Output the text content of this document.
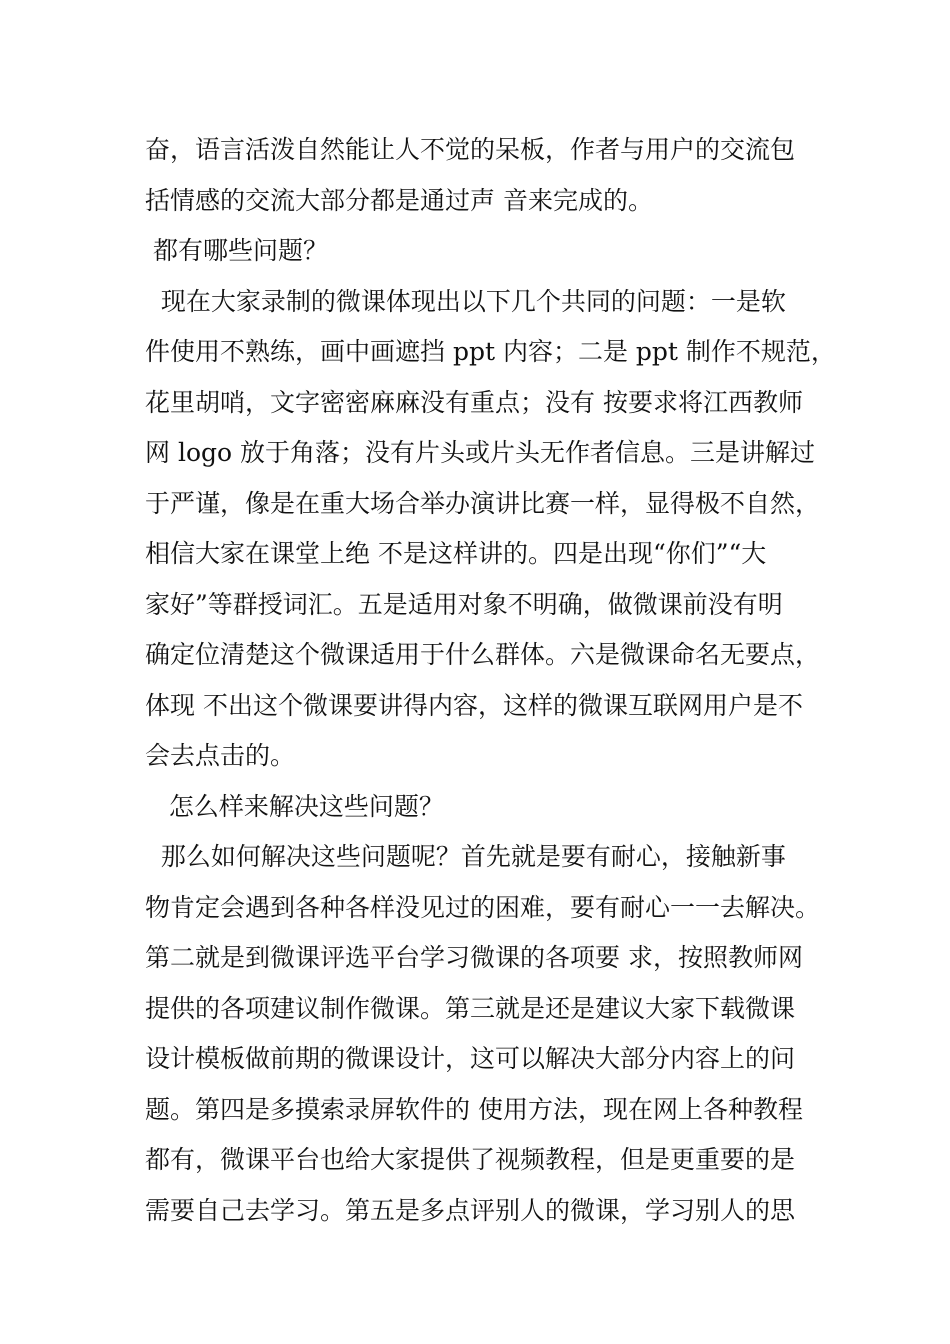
奋，语言活泼自然能让人不觉的呆板，作者与用户的交流包
括情感的交流大部分都是通过声 音来完成的。
都有哪些问题？
现在大家录制的微课体现出以下几个共同的问题：一是软
件使用不熟练，画中画遮挡 ppt 内容；二是 ppt 制作不规范，
花里胡哨，文字密密麻麻没有重点；没有 按要求将江西教师
网 logo 放于角落；没有片头或片头无作者信息。三是讲解过
于严谨，像是在重大场合举办演讲比赛一样，显得极不自然，
相信大家在课堂上绝 不是这样讲的。四是出现“你们”“大
家好”等群授词汇。五是适用对象不明确，做微课前没有明
确定位清楚这个微课适用于什么群体。六是微课命名无要点，
体现 不出这个微课要讲得内容，这样的微课互联网用户是不
会去点击的。
怎么样来解决这些问题？
那么如何解决这些问题呢？首先就是要有耐心，接触新事
物肯定会遇到各种各样没见过的困难，要有耐心一一去解决。
第二就是到微课评选平台学习微课的各项要 求，按照教师网
提供的各项建议制作微课。第三就是还是建议大家下载微课
设计模板做前期的微课设计，这可以解决大部分内容上的问
题。第四是多摸索录屏软件的 使用方法，现在网上各种教程
都有，微课平台也给大家提供了视频教程，但是更重要的是
需要自己去学习。第五是多点评别人的微课，学习别人的思
